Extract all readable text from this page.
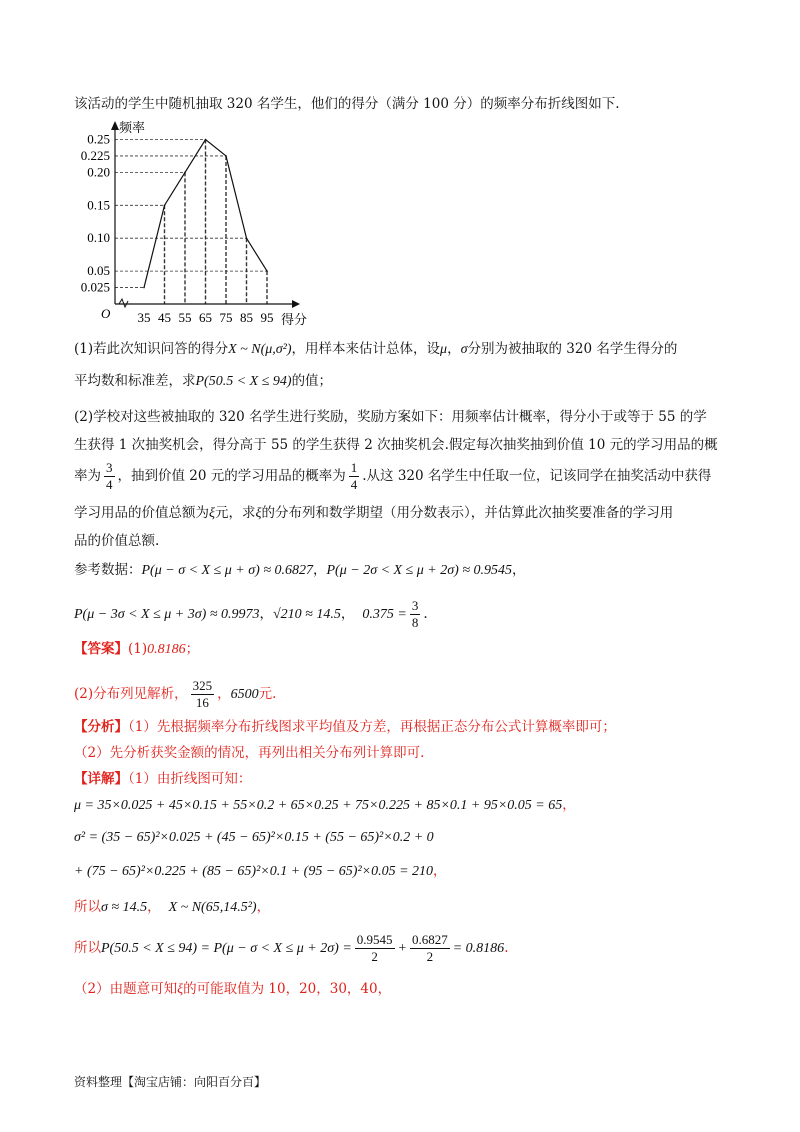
该活动的学生中随机抽取 320 名学生，他们的得分（满分 100 分）的频率分布折线图如下.
0.25
0.225
0.20
0.15
0.10
0.05
0.025
35 45 55 65 75 85 95
频率
得分
O
(1)若此次知识问答的得分X ~ N(μ,σ²)，用样本来估计总体，设μ，σ分别为被抽取的 320 名学生得分的
平均数和标准差，求P(50.5 < X ≤ 94)的值；
(2)学校对这些被抽取的 320 名学生进行奖励，奖励方案如下：用频率估计概率，得分小于或等于 55 的学
生获得 1 次抽奖机会，得分高于 55 的学生获得 2 次抽奖机会.假定每次抽奖抽到价值 10 元的学习用品的概
率为 $\frac{3}{4}$ ，抽到价值 20 元的学习用品的概率为 $\frac{1}{4}$ .从这 320 名学生中任取一位，记该同学在抽奖活动中获得
学习用品的价值总额为ξ元，求ξ的分布列和数学期望（用分数表示），并估算此次抽奖要准备的学习用
品的价值总额.
参考数据：P(μ − σ < X ≤ μ + σ) ≈ 0.6827，P(μ − 2σ < X ≤ μ + 2σ) ≈ 0.9545，
P(μ − 3σ < X ≤ μ + 3σ) ≈ 0.9973，√210 ≈ 14.5， $0.375 = \frac{3}{8}$ .
【答案】(1)0.8186；
(2)分布列见解析， $\frac{325}{16}$ ，6500元.
【分析】（1）先根据频率分布折线图求平均值及方差，再根据正态分布公式计算概率即可；
（2）先分析获奖金额的情况，再列出相关分布列计算即可.
【详解】（1）由折线图可知：
μ = 35×0.025 + 45×0.15 + 55×0.2 + 65×0.25 + 75×0.225 + 85×0.1 + 95×0.05 = 65，
σ² = (35 − 65)²×0.025 + (45 − 65)²×0.15 + (55 − 65)²×0.2 + 0
+ (75 − 65)²×0.225 + (85 − 65)²×0.1 + (95 − 65)²×0.05 = 210，
所以σ ≈ 14.5， X ~ N(65,14.5²)，
所以$P(50.5 < X \le 94) = P(\mu - \sigma < X \le \mu + 2\sigma) = \frac{0.9545}{2} + \frac{0.6827}{2} = 0.8186$.
（2）由题意可知ξ的可能取值为 10，20，30，40，
资料整理【淘宝店铺：向阳百分百】
